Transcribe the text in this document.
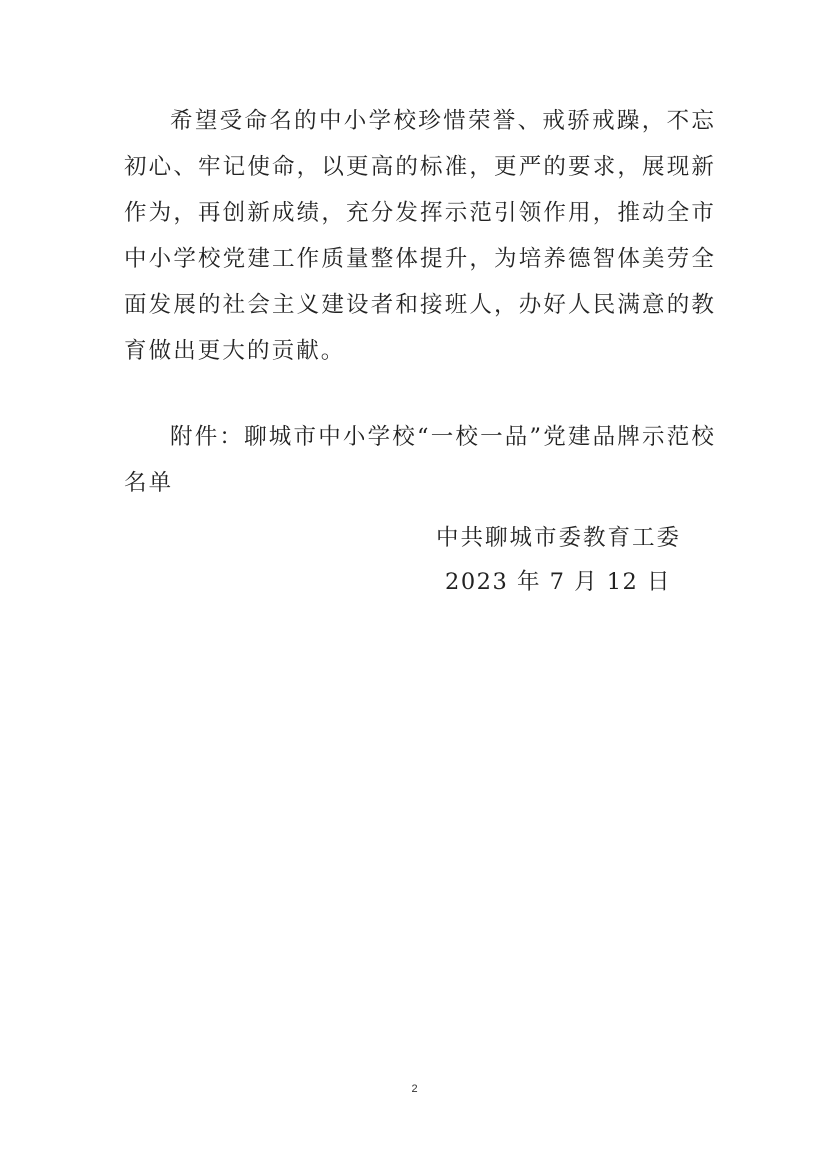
希望受命名的中小学校珍惜荣誉、戒骄戒躁，不忘初心、牢记使命，以更高的标准，更严的要求，展现新作为，再创新成绩，充分发挥示范引领作用，推动全市中小学校党建工作质量整体提升，为培养德智体美劳全面发展的社会主义建设者和接班人，办好人民满意的教育做出更大的贡献。

附件：聊城市中小学校“一校一品”党建品牌示范校名单

中共聊城市委教育工委
2023 年 7 月 12 日
2
